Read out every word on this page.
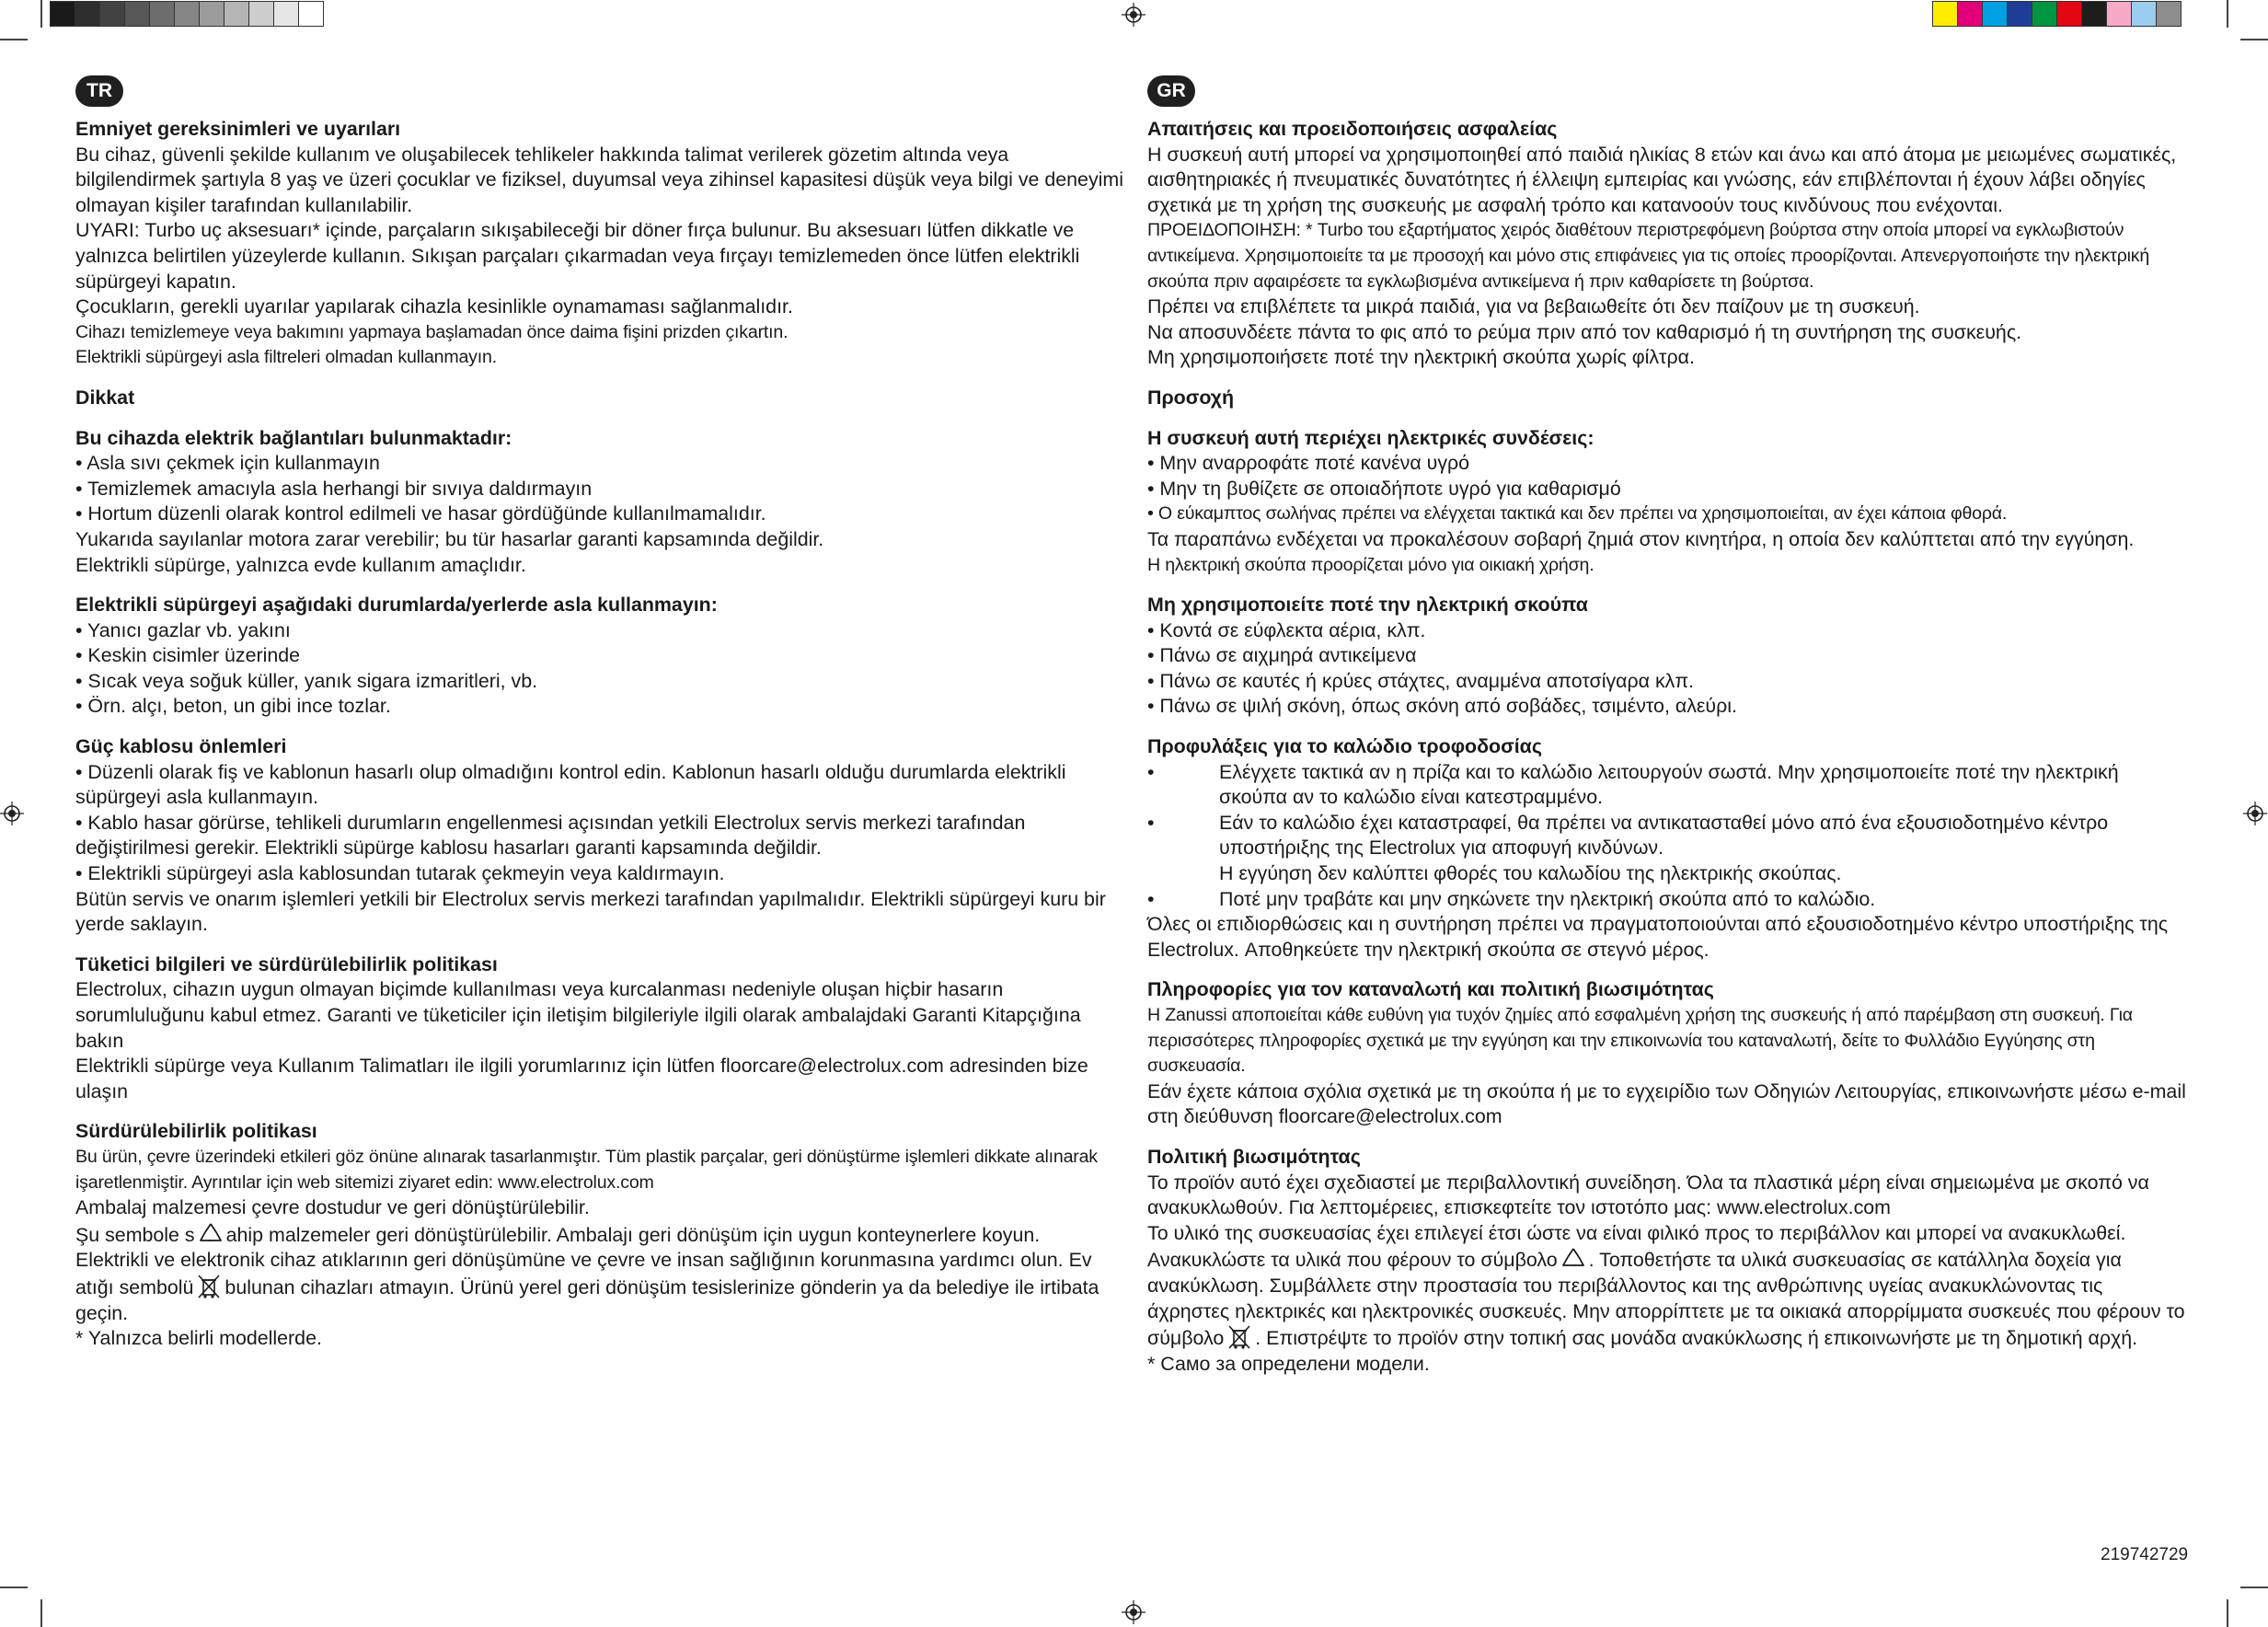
TR
Emniyet gereksinimleri ve uyarıları
Bu cihaz, güvenli şekilde kullanım ve oluşabilecek tehlikeler hakkında talimat verilerek gözetim altında veya bilgilendirmek şartıyla 8 yaş ve üzeri çocuklar ve fiziksel, duyumsal veya zihinsel kapasitesi düşük veya bilgi ve deneyimi olmayan kişiler tarafından kullanılabilir.
UYARI: Turbo uç aksesuarı* içinde, parçaların sıkışabileceği bir döner fırça bulunur. Bu aksesuarı lütfen dikkatle ve yalnızca belirtilen yüzeylerde kullanın. Sıkışan parçaları çıkarmadan veya fırçayı temizlemeden önce lütfen elektrikli süpürgeyi kapatın.
Çocukların, gerekli uyarılar yapılarak cihazla kesinlikle oynamaması sağlanmalıdır.
Cihazı temizlemeye veya bakımını yapmaya başlamadan önce daima fişini prizden çıkartın.
Elektrikli süpürgeyi asla filtreleri olmadan kullanmayın.
Dikkat
Bu cihazda elektrik bağlantıları bulunmaktadır:
• Asla sıvı çekmek için kullanmayın
• Temizlemek amacıyla asla herhangi bir sıvıya daldırmayın
• Hortum düzenli olarak kontrol edilmeli ve hasar gördüğünde kullanılmamalıdır.
Yukarıda sayılanlar motora zarar verebilir; bu tür hasarlar garanti kapsamında değildir.
Elektrikli süpürge, yalnızca evde kullanım amaçlıdır.
Elektrikli süpürgeyi aşağıdaki durumlarda/yerlerde asla kullanmayın:
• Yanıcı gazlar vb. yakını
• Keskin cisimler üzerinde
• Sıcak veya soğuk küller, yanık sigara izmaritleri, vb.
• Örn. alçı, beton, un gibi ince tozlar.
Güç kablosu önlemleri
• Düzenli olarak fiş ve kablonun hasarlı olup olmadığını kontrol edin. Kablonun hasarlı olduğu durumlarda elektrikli süpürgeyi asla kullanmayın.
• Kablo hasar görürse, tehlikeli durumların engellenmesi açısından yetkili Electrolux servis merkezi tarafından değiştirilmesi gerekir. Elektrikli süpürge kablosu hasarları garanti kapsamında değildir.
• Elektrikli süpürgeyi asla kablosundan tutarak çekmeyin veya kaldırmayın.
Bütün servis ve onarım işlemleri yetkili bir Electrolux servis merkezi tarafından yapılmalıdır. Elektrikli süpürgeyi kuru bir yerde saklayın.
Tüketici bilgileri ve sürdürülebilirlik politikası
Electrolux, cihazın uygun olmayan biçimde kullanılması veya kurcalanması nedeniyle oluşan hiçbir hasarın sorumluluğunu kabul etmez. Garanti ve tüketiciler için iletişim bilgileriyle ilgili olarak ambalajdaki Garanti Kitapçığına bakın
Elektrikli süpürge veya Kullanım Talimatları ile ilgili yorumlarınız için lütfen floorcare@electrolux.com adresinden bize ulaşın
Sürdürülebilirlik politikası
Bu ürün, çevre üzerindeki etkileri göz önüne alınarak tasarlanmıştır. Tüm plastik parçalar, geri dönüştürme işlemleri dikkate alınarak işaretlenmiştir. Ayrıntılar için web sitemizi ziyaret edin: www.electrolux.com
Ambalaj malzemesi çevre dostudur ve geri dönüştürülebilir.
Şu sembole s ahip malzemeler geri dönüştürülebilir. Ambalajı geri dönüşüm için uygun konteynerlere koyun.
Elektrikli ve elektronik cihaz atıklarının geri dönüşümüne ve çevre ve insan sağlığının korunmasına yardımcı olun. Ev atığı sembolü bulunan cihazları atmayın. Ürünü yerel geri dönüşüm tesislerinize gönderin ya da belediye ile irtibata geçin.
* Yalnızca belirli modellerde.
GR
Απαιτήσεις και προειδοποιήσεις ασφαλείας
Η συσκευή αυτή μπορεί να χρησιμοποιηθεί από παιδιά ηλικίας 8 ετών και άνω και από άτομα με μειωμένες σωματικές, αισθητηριακές ή πνευματικές δυνατότητες ή έλλειψη εμπειρίας και γνώσης, εάν επιβλέπονται ή έχουν λάβει οδηγίες σχετικά με τη χρήση της συσκευής με ασφαλή τρόπο και κατανοούν τους κινδύνους που ενέχονται.
ΠΡΟΕΙΔΟΠΟΙΗΣΗ: * Turbo του εξαρτήματος χειρός διαθέτουν περιστρεφόμενη βούρτσα στην οποία μπορεί να εγκλωβιστούν αντικείμενα. Χρησιμοποιείτε τα με προσοχή και μόνο στις επιφάνειες για τις οποίες προορίζονται. Απενεργοποιήστε την ηλεκτρική σκούπα πριν αφαιρέσετε τα εγκλωβισμένα αντικείμενα ή πριν καθαρίσετε τη βούρτσα.
Πρέπει να επιβλέπετε τα μικρά παιδιά, για να βεβαιωθείτε ότι δεν παίζουν με τη συσκευή.
Να αποσυνδέετε πάντα το φις από το ρεύμα πριν από τον καθαρισμό ή τη συντήρηση της συσκευής.
Μη χρησιμοποιήσετε ποτέ την ηλεκτρική σκούπα χωρίς φίλτρα.
Προσοχή
Η συσκευή αυτή περιέχει ηλεκτρικές συνδέσεις:
• Μην αναρροφάτε ποτέ κανένα υγρό
• Μην τη βυθίζετε σε οποιαδήποτε υγρό για καθαρισμό
• Ο εύκαμπτος σωλήνας πρέπει να ελέγχεται τακτικά και δεν πρέπει να χρησιμοποιείται, αν έχει κάποια φθορά.
Τα παραπάνω ενδέχεται να προκαλέσουν σοβαρή ζημιά στον κινητήρα, η οποία δεν καλύπτεται από την εγγύηση.
Η ηλεκτρική σκούπα προορίζεται μόνο για οικιακή χρήση.
Μη χρησιμοποιείτε ποτέ την ηλεκτρική σκούπα
• Κοντά σε εύφλεκτα αέρια, κλπ.
• Πάνω σε αιχμηρά αντικείμενα
• Πάνω σε καυτές ή κρύες στάχτες, αναμμένα αποτσίγαρα κλπ.
• Πάνω σε ψιλή σκόνη, όπως σκόνη από σοβάδες, τσιμέντο, αλεύρι.
Προφυλάξεις για το καλώδιο τροφοδοσίας
•	Ελέγχετε τακτικά αν η πρίζα και το καλώδιο λειτουργούν σωστά. Μην χρησιμοποιείτε ποτέ την ηλεκτρική σκούπα αν το καλώδιο είναι κατεστραμμένο.
•	Εάν το καλώδιο έχει καταστραφεί, θα πρέπει να αντικατασταθεί μόνο από ένα εξουσιοδοτημένο κέντρο υποστήριξης της Electrolux για αποφυγή κινδύνων.
Η εγγύηση δεν καλύπτει φθορές του καλωδίου της ηλεκτρικής σκούπας.
•	Ποτέ μην τραβάτε και μην σηκώνετε την ηλεκτρική σκούπα από το καλώδιο.
Όλες οι επιδιορθώσεις και η συντήρηση πρέπει να πραγματοποιούνται από εξουσιοδοτημένο κέντρο υποστήριξης της Electrolux. Αποθηκεύετε την ηλεκτρική σκούπα σε στεγνό μέρος.
Πληροφορίες για τον καταναλωτή και πολιτική βιωσιμότητας
Η Zanussi αποποιείται κάθε ευθύνη για τυχόν ζημίες από εσφαλμένη χρήση της συσκευής ή από παρέμβαση στη συσκευή. Για περισσότερες πληροφορίες σχετικά με την εγγύηση και την επικοινωνία του καταναλωτή, δείτε το Φυλλάδιο Εγγύησης στη συσκευασία.
Εάν έχετε κάποια σχόλια σχετικά με τη σκούπα ή με το εγχειρίδιο των Οδηγιών Λειτουργίας, επικοινωνήστε μέσω e-mail στη διεύθυνση floorcare@electrolux.com
Πολιτική βιωσιμότητας
Το προϊόν αυτό έχει σχεδιαστεί με περιβαλλοντική συνείδηση. Όλα τα πλαστικά μέρη είναι σημειωμένα με σκοπό να ανακυκλωθούν. Για λεπτομέρειες, επισκεφτείτε τον ιστοτόπο μας: www.electrolux.com
Το υλικό της συσκευασίας έχει επιλεγεί έτσι ώστε να είναι φιλικό προς το περιβάλλον και μπορεί να ανακυκλωθεί.
Ανακυκλώστε τα υλικά που φέρουν το σύμβολο . Τοποθετήστε τα υλικά συσκευασίας σε κατάλληλα δοχεία για ανακύκλωση. Συμβάλλετε στην προστασία του περιβάλλοντος και της ανθρώπινης υγείας ανακυκλώνοντας τις άχρηστες ηλεκτρικές και ηλεκτρονικές συσκευές. Μην απορρίπτετε με τα οικιακά απορρίμματα συσκευές που φέρουν το σύμβολο . Επιστρέψτε το προϊόν στην τοπική σας μονάδα ανακύκλωσης ή επικοινωνήστε με τη δημοτική αρχή.
* Само за определени модели.
219742729
